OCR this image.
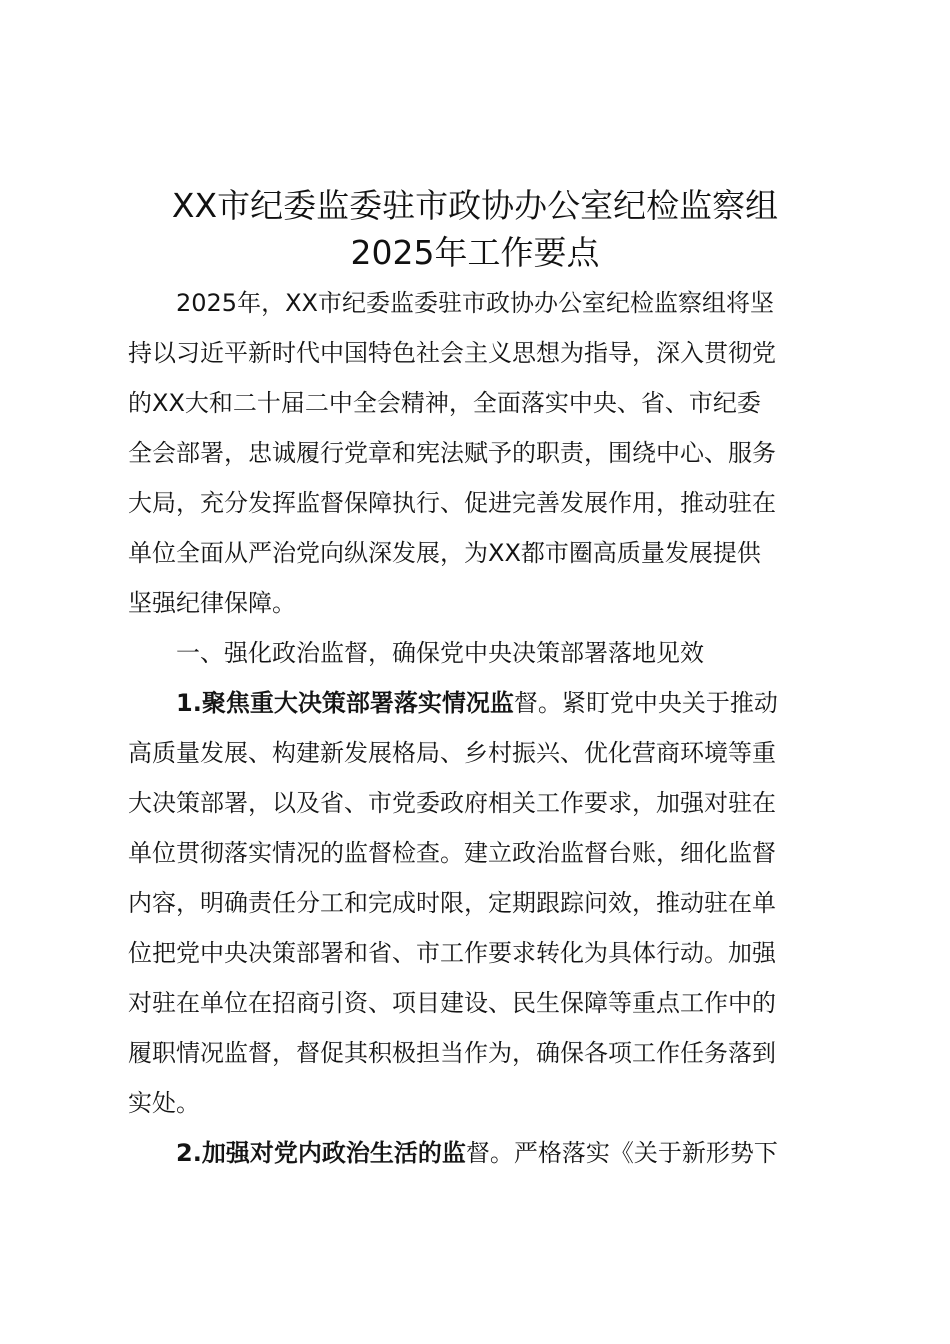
XX市纪委监委驻市政协办公室纪检监察组
2025年工作要点
2025年，XX市纪委监委驻市政协办公室纪检监察组将坚
持以习近平新时代中国特色社会主义思想为指导，深入贯彻党
的XX大和二十届二中全会精神，全面落实中央、省、市纪委
全会部署，忠诚履行党章和宪法赋予的职责，围绕中心、服务
大局，充分发挥监督保障执行、促进完善发展作用，推动驻在
单位全面从严治党向纵深发展，为XX都市圈高质量发展提供
坚强纪律保障。
一、强化政治监督，确保党中央决策部署落地见效
1.聚焦重大决策部署落实情况监督。紧盯党中央关于推动
高质量发展、构建新发展格局、乡村振兴、优化营商环境等重
大决策部署，以及省、市党委政府相关工作要求，加强对驻在
单位贯彻落实情况的监督检查。建立政治监督台账，细化监督
内容，明确责任分工和完成时限，定期跟踪问效，推动驻在单
位把党中央决策部署和省、市工作要求转化为具体行动。加强
对驻在单位在招商引资、项目建设、民生保障等重点工作中的
履职情况监督，督促其积极担当作为，确保各项工作任务落到
实处。
2.加强对党内政治生活的监督。严格落实《关于新形势下
